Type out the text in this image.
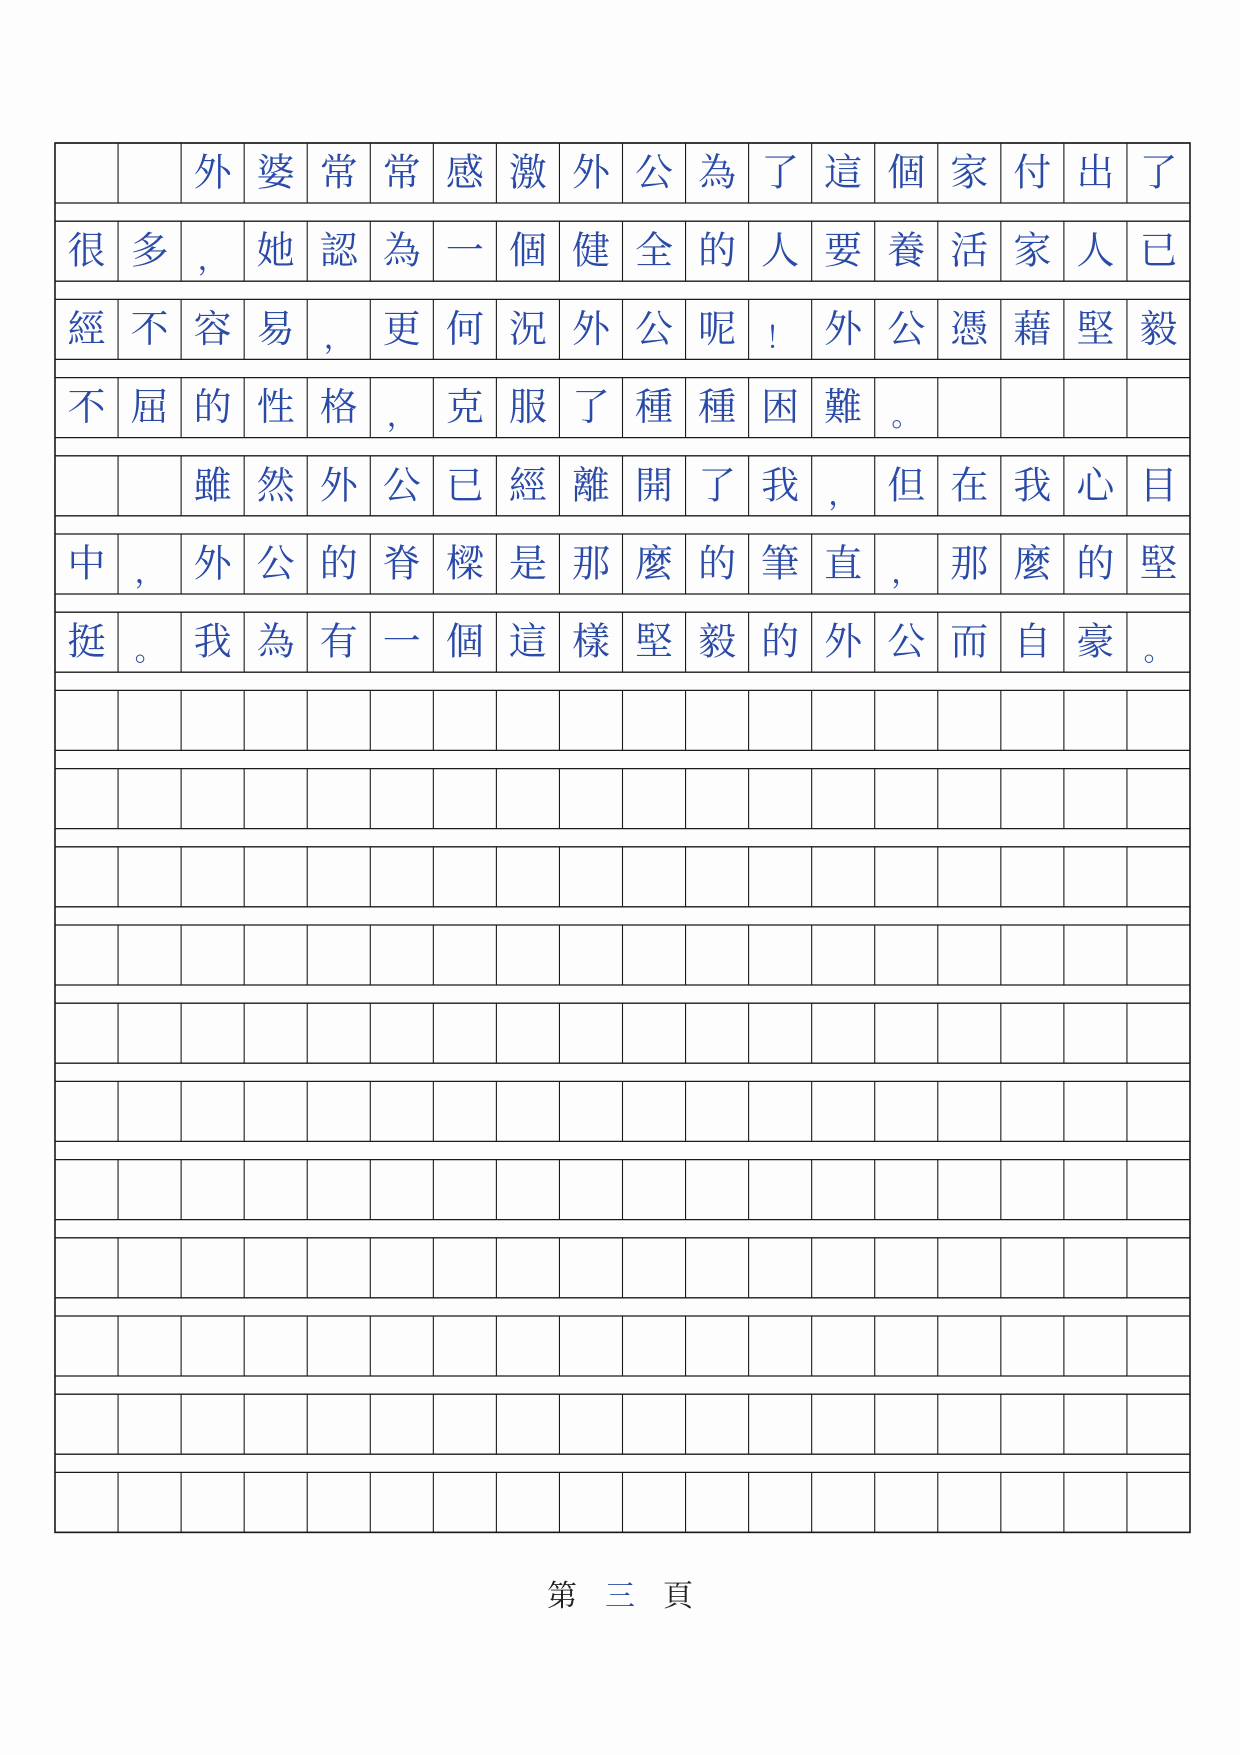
外 婆 常 常 感 激 外 公 為 了 這 個 家 付 出 了
很 多 ， 她 認 為 一 個 健 全 的 人 要 養 活 家 人 已
經 不 容 易 ， 更 何 況 外 公 呢 ！ 外 公 憑 藉 堅 毅
不 屈 的 性 格 ， 克 服 了 種 種 困 難 。
雖 然 外 公 已 經 離 開 了 我 ， 但 在 我 心 目
中 ， 外 公 的 脊 樑 是 那 麼 的 筆 直 ， 那 麼 的 堅
挺 。 我 為 有 一 個 這 樣 堅 毅 的 外 公 而 自 豪 。
第 三 頁
